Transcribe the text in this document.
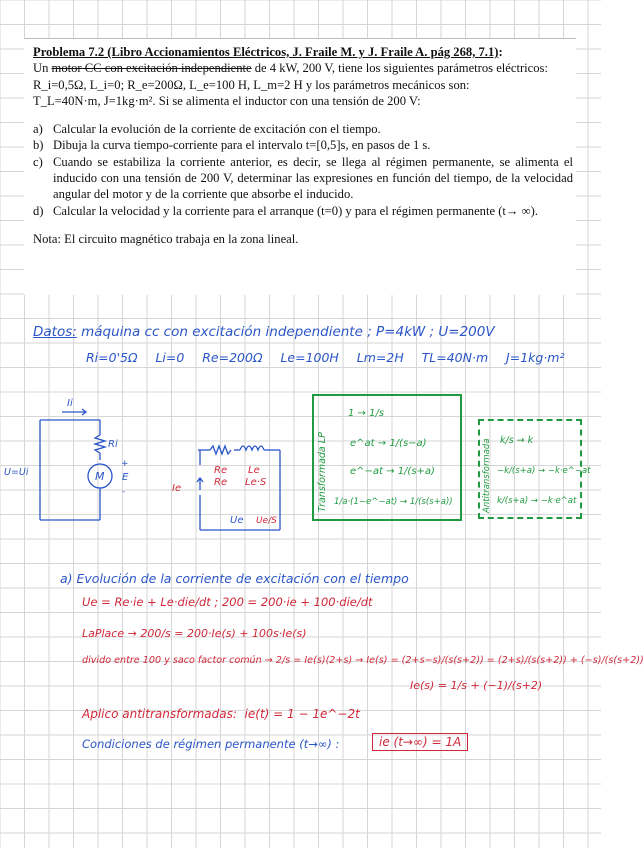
Problema 7.2 (Libro Accionamientos Eléctricos, J. Fraile M. y J. Fraile A. pág 268, 7.1):

Un motor CC con excitación independiente de 4 kW, 200 V, tiene los siguientes parámetros eléctricos:
R_i=0,5Ω, L_i=0; R_e=200Ω, L_e=100 H, L_m=2 H y los parámetros mecánicos son:
T_L=40N·m, J=1kg·m². Si se alimenta el inductor con una tensión de 200 V:

a) Calcular la evolución de la corriente de excitación con el tiempo.
b) Dibuja la curva tiempo-corriente para el intervalo t=[0,5]s, en pasos de 1 s.
c) Cuando se estabiliza la corriente anterior, es decir, se llega al régimen permanente, se alimenta el inducido con una tensión de 200 V, determinar las expresiones en función del tiempo, de la velocidad angular del motor y de la corriente que absorbe el inducido.
d) Calcular la velocidad y la corriente para el arranque (t=0) y para el régimen permanente (t→ ∞).

Nota: El circuito magnético trabaja en la zona lineal.

Datos: máquina cc con excitación independiente ; P=4kW ; U=200V
Ri=0'5Ω Li=0 Re=200Ω Le=100H Lm=2H TL=40N·m J=1kg·m²
Ii
Ri
U=Ui	M E
+
-
Re Le
Re Le·S
Ie
Ue Ue/S
Transformada LP
1 → 1/s
e^at → 1/(s−a)
e^−at → 1/(s+a)
1/a·(1−e^−at) → 1/(s(s+a))	Antitransformada k/s → k
−k/(s+a) → −k·e^−at
k/(s+a) → −k·e^at
a) Evolución de la corriente de excitación con el tiempo
Ue = Re·ie + Le·die/dt ; 200 = 200·ie + 100·die/dt
LaPlace → 200/s = 200·Ie(s) + 100s·Ie(s)
divido entre 100 y saco factor común → 2/s = Ie(s)(2+s) → Ie(s) = (2+s−s)/(s(s+2)) = (2+s)/(s(s+2)) + (−s)/(s(s+2))
Ie(s) = 1/s + (−1)/(s+2)
Aplico antitransformadas: ie(t) = 1 − 1e^−2t
Condiciones de régimen permanente (t→∞) :	ie (t→∞) = 1A
